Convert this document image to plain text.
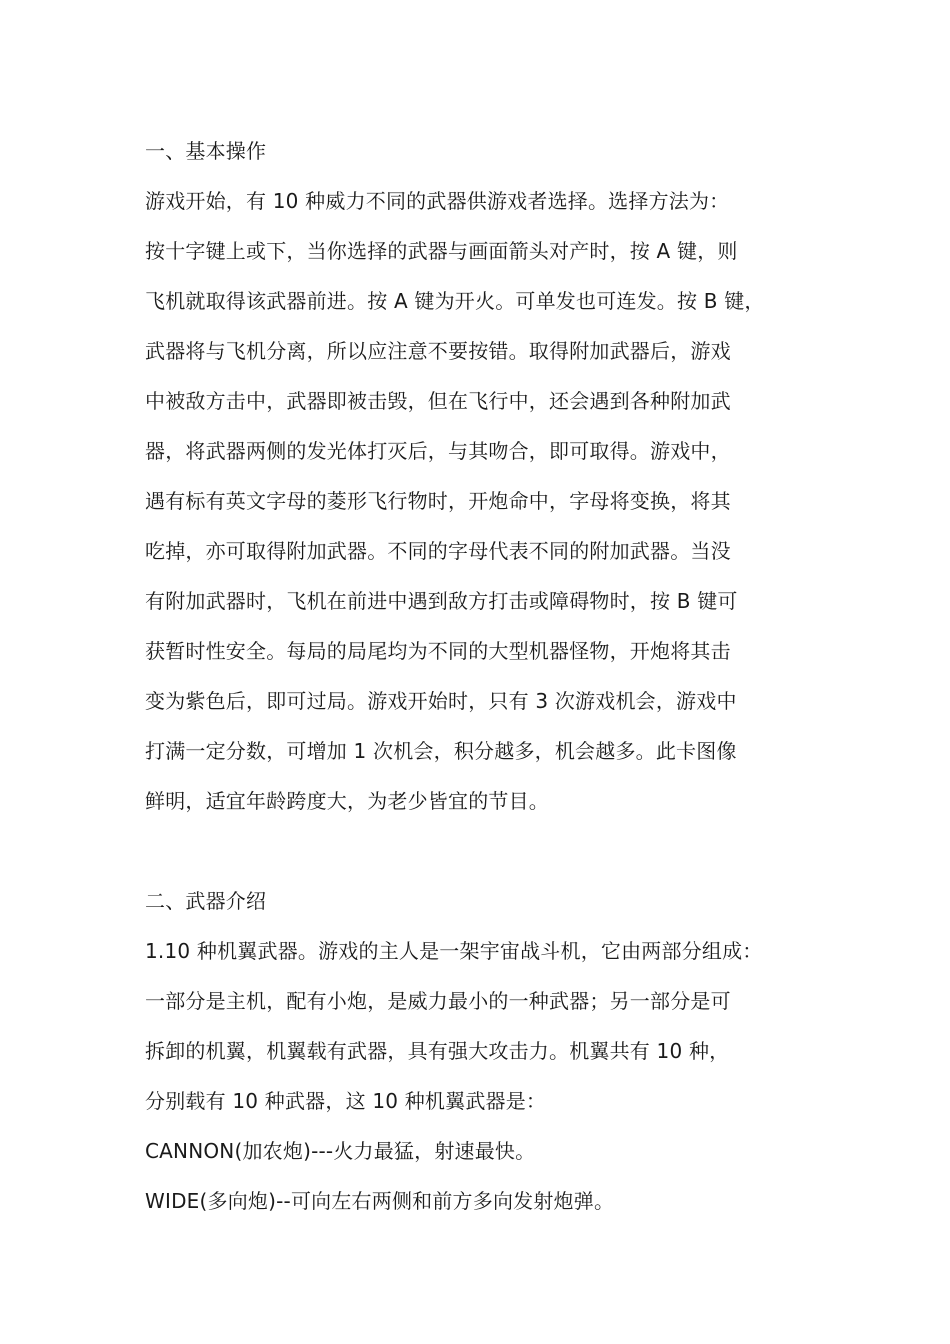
一、基本操作
游戏开始，有 10 种威力不同的武器供游戏者选择。选择方法为：
按十字键上或下，当你选择的武器与画面箭头对产时，按 A 键，则
飞机就取得该武器前进。按 A 键为开火。可单发也可连发。按 B 键，
武器将与飞机分离，所以应注意不要按错。取得附加武器后，游戏
中被敌方击中，武器即被击毁，但在飞行中，还会遇到各种附加武
器，将武器两侧的发光体打灭后，与其吻合，即可取得。游戏中，
遇有标有英文字母的菱形飞行物时，开炮命中，字母将变换，将其
吃掉，亦可取得附加武器。不同的字母代表不同的附加武器。当没
有附加武器时，飞机在前进中遇到敌方打击或障碍物时，按 B 键可
获暂时性安全。每局的局尾均为不同的大型机器怪物，开炮将其击
变为紫色后，即可过局。游戏开始时，只有 3 次游戏机会，游戏中
打满一定分数，可增加 1 次机会，积分越多，机会越多。此卡图像
鲜明，适宜年龄跨度大，为老少皆宜的节目。
二、武器介绍
1.10 种机翼武器。游戏的主人是一架宇宙战斗机，它由两部分组成：
一部分是主机，配有小炮，是威力最小的一种武器；另一部分是可
拆卸的机翼，机翼载有武器，具有强大攻击力。机翼共有 10 种，
分别载有 10 种武器，这 10 种机翼武器是：
CANNON(加农炮)---火力最猛，射速最快。
WIDE(多向炮)--可向左右两侧和前方多向发射炮弹。
